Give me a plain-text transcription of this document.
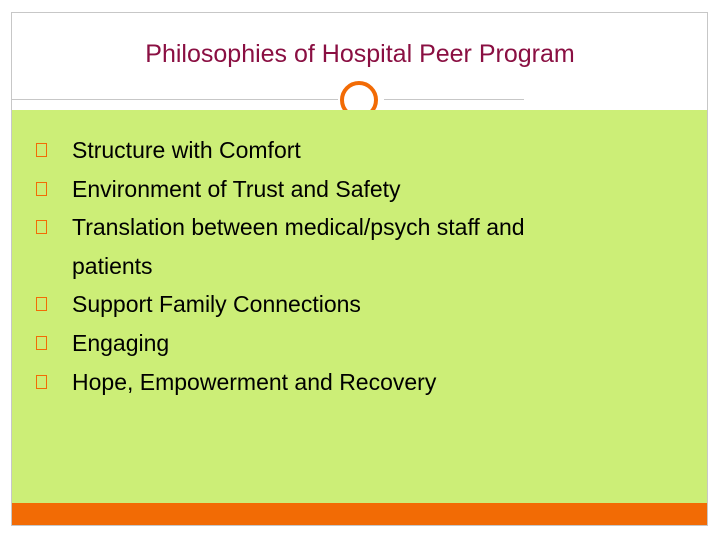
Philosophies of Hospital Peer Program
Structure with Comfort
Environment of Trust and Safety
Translation between medical/psych staff and
patients
Support Family Connections
Engaging
Hope, Empowerment and Recovery
